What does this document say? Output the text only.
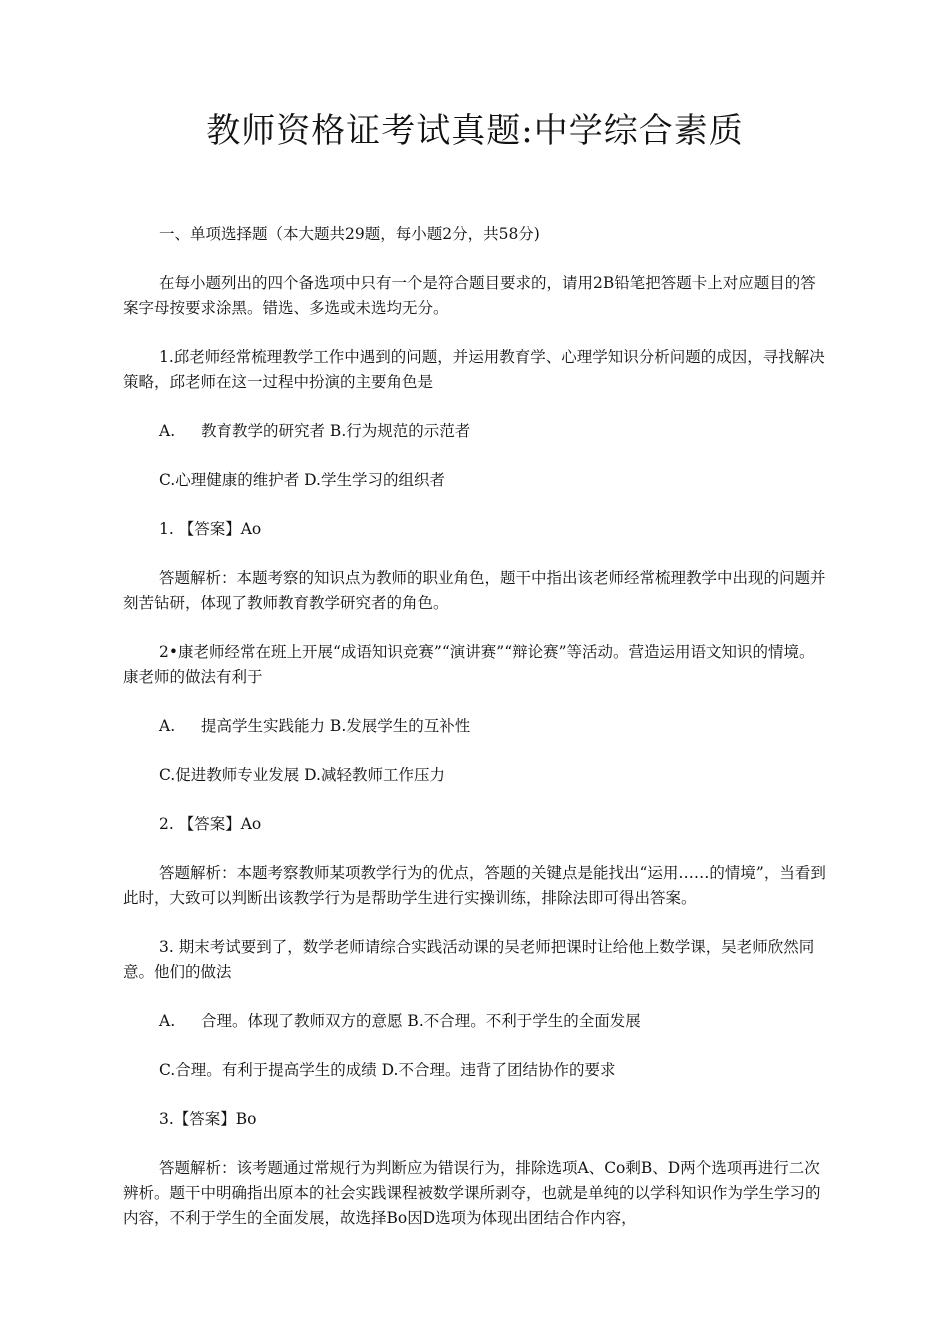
教师资格证考试真题:中学综合素质

一、单项选择题（本大题共29题，每小题2分，共58分)

在每小题列出的四个备选项中只有一个是符合题目要求的，请用2B铅笔把答题卡上对应题目的答案字母按要求涂黑。错选、多选或未选均无分。

1.邱老师经常梳理教学工作中遇到的问题，并运用教育学、心理学知识分析问题的成因，寻找解决策略，邱老师在这一过程中扮演的主要角色是

A. 教育教学的研究者 B.行为规范的示范者

C.心理健康的维护者 D.学生学习的组织者

1. 【答案】Ao

答题解析：本题考察的知识点为教师的职业角色，题干中指出该老师经常梳理教学中出现的问题并刻苦钻研，体现了教师教育教学研究者的角色。

2•康老师经常在班上开展“成语知识竞赛”“演讲赛”“辩论赛”等活动。营造运用语文知识的情境。康老师的做法有利于

A. 提高学生实践能力 B.发展学生的互补性

C.促进教师专业发展 D.减轻教师工作压力

2. 【答案】Ao

答题解析：本题考察教师某项教学行为的优点，答题的关键点是能找出“运用……的情境”，当看到此时，大致可以判断出该教学行为是帮助学生进行实操训练，排除法即可得出答案。

3. 期末考试要到了，数学老师请综合实践活动课的吴老师把课时让给他上数学课，吴老师欣然同意。他们的做法

A. 合理。体现了教师双方的意愿 B.不合理。不利于学生的全面发展

C.合理。有利于提高学生的成绩 D.不合理。违背了团结协作的要求

3.【答案】Bo

答题解析：该考题通过常规行为判断应为错误行为，排除选项A、Co剩B、D两个选项再进行二次辨析。题干中明确指出原本的社会实践课程被数学课所剥夺，也就是单纯的以学科知识作为学生学习的内容，不利于学生的全面发展，故选择Bo因D选项为体现出团结合作内容，
